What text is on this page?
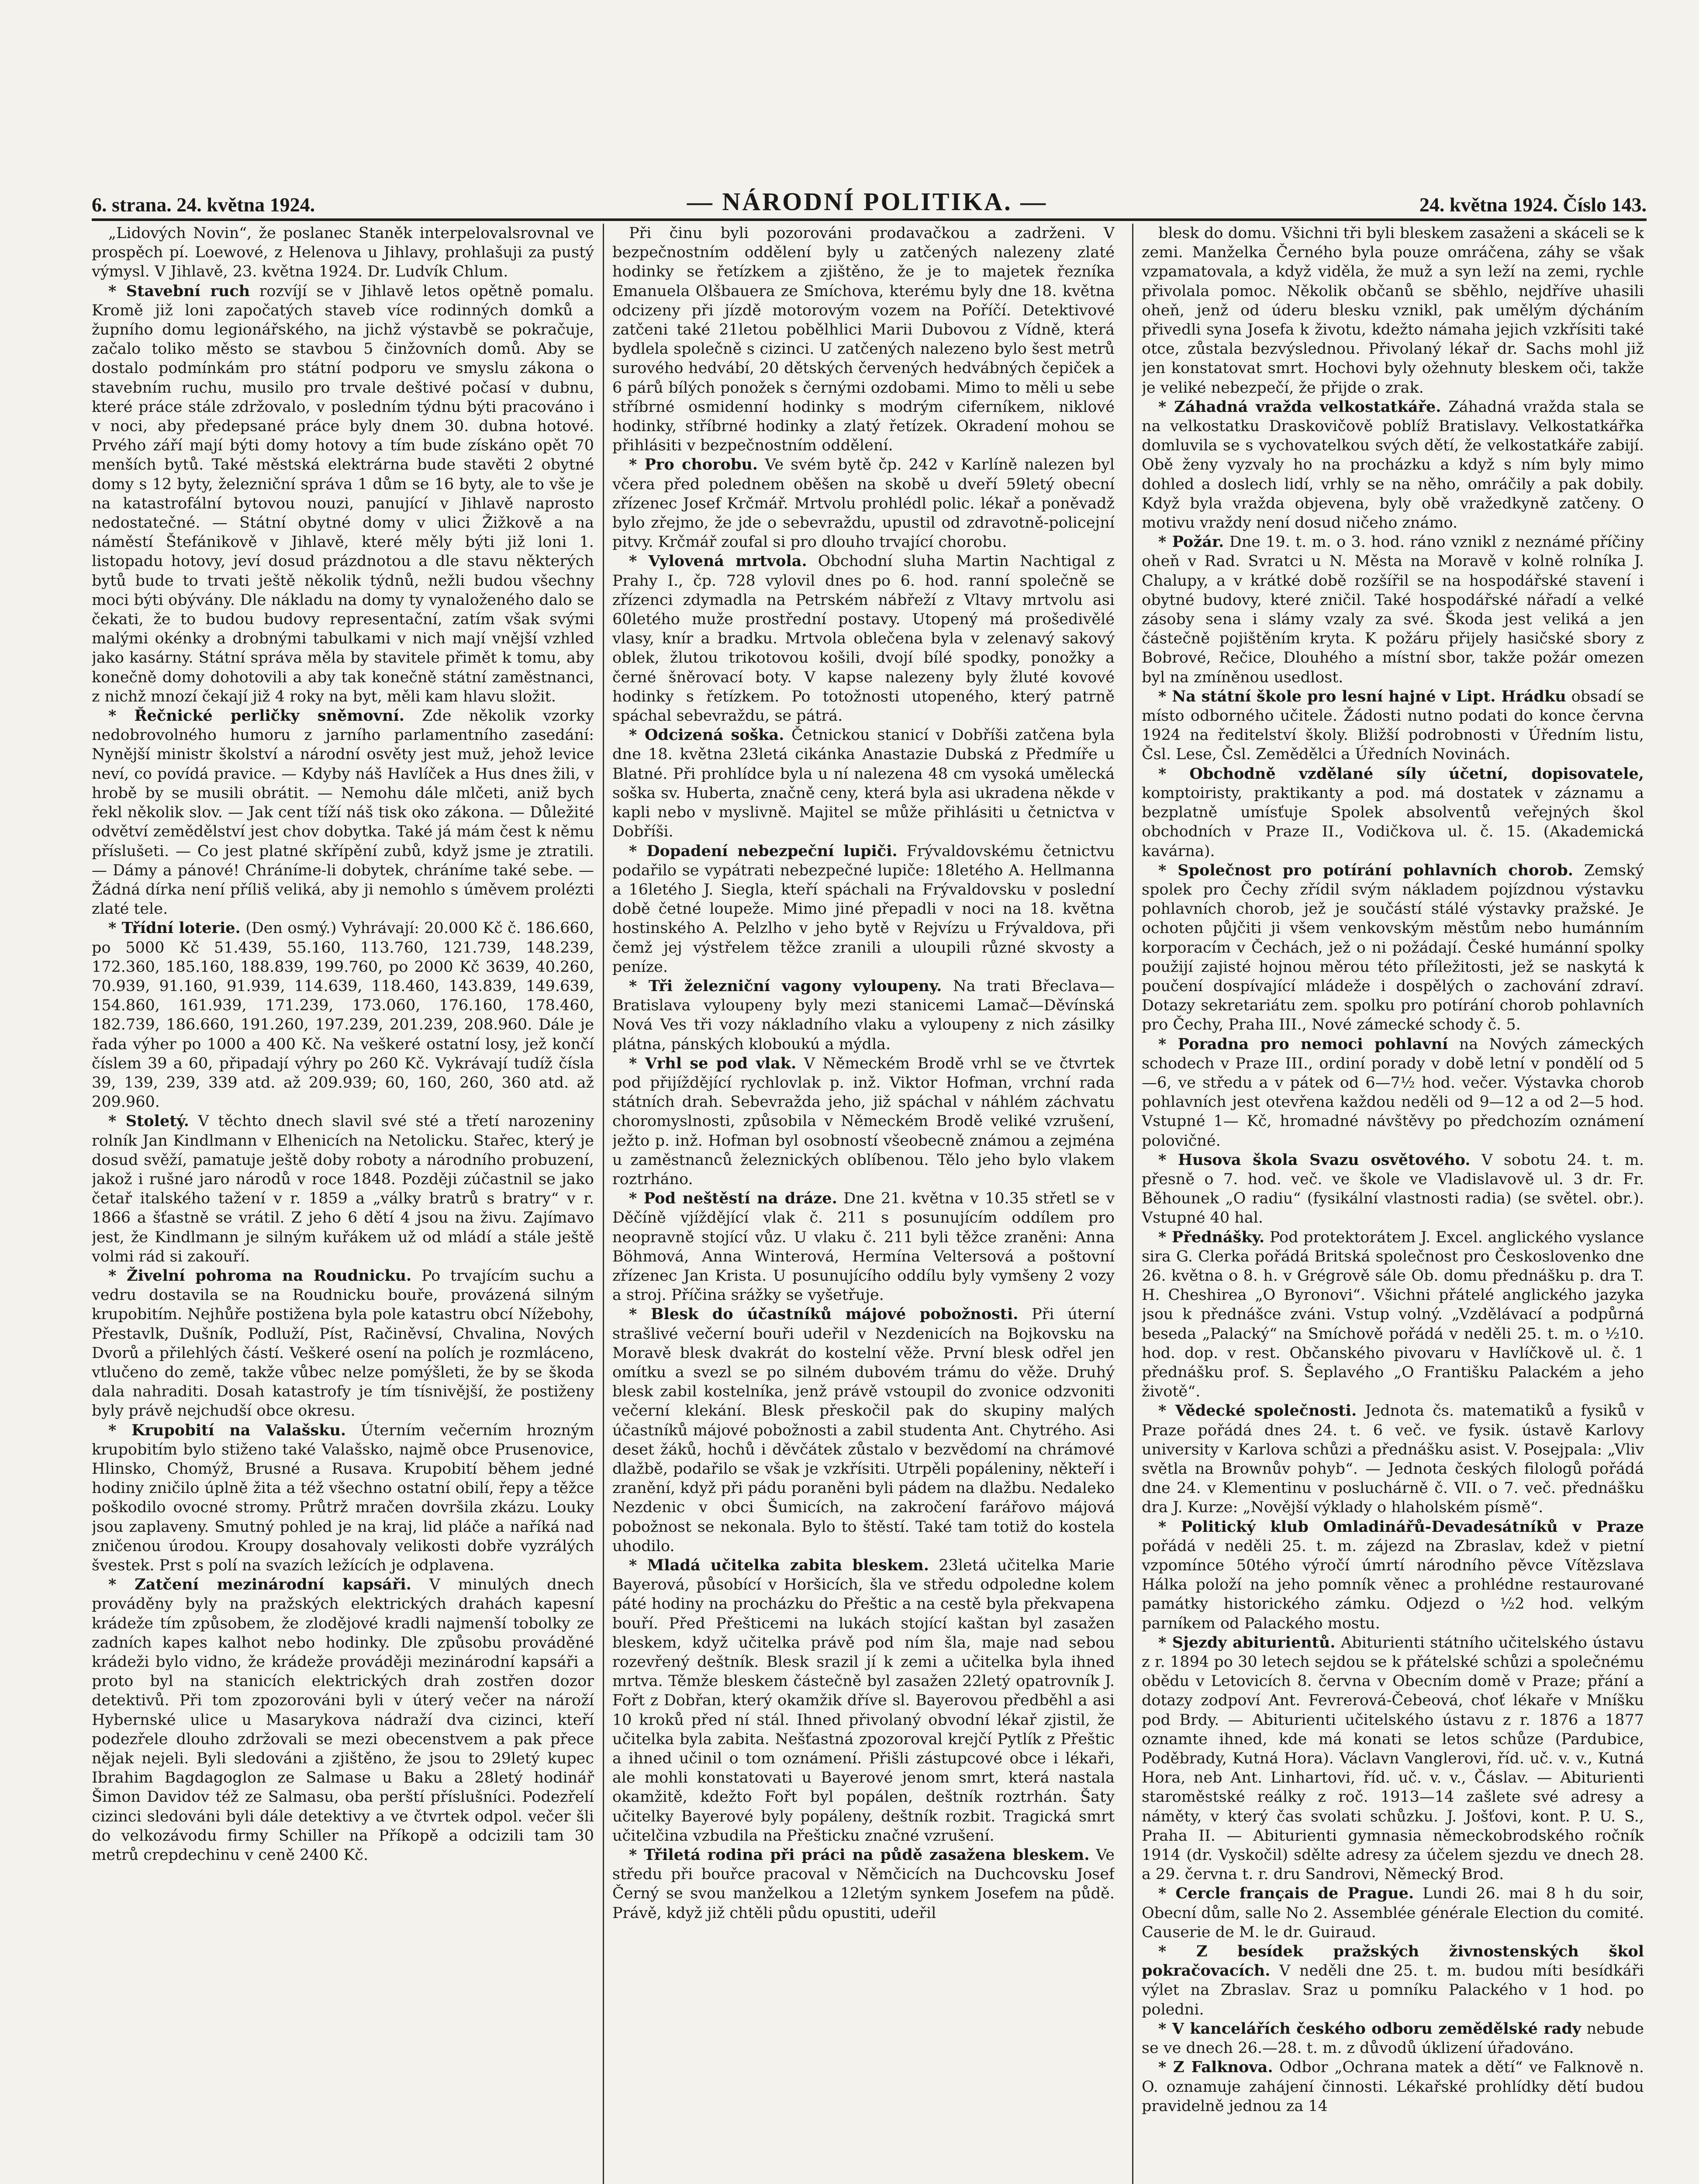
6. strana. 24. května 1924.	— NÁRODNÍ POLITIKA. —	24. května 1924. Číslo 143.

„Lidových Novin“, že poslanec Staněk interpelovalsrovnal ve prospěch pí. Loewové, z Helenova u Jihlavy, prohlašuji za pustý výmysl. V Jihlavě, 23. května 1924. Dr. Ludvík Chlum.

* Stavební ruch rozvíjí se v Jihlavě letos opětně pomalu. Kromě již loni započatých staveb více rodinných domků a župního domu legionářského, na jichž výstavbě se pokračuje, začalo toliko město se stavbou 5 činžovních domů. Aby se dostalo podmínkám pro státní podporu ve smyslu zákona o stavebním ruchu, musilo pro trvale deštivé počasí v dubnu, které práce stále zdržovalo, v posledním týdnu býti pracováno i v noci, aby předepsané práce byly dnem 30. dubna hotové. Prvého září mají býti domy hotovy a tím bude získáno opět 70 menších bytů. Také městská elektrárna bude stavěti 2 obytné domy s 12 byty, železniční správa 1 dům se 16 byty, ale to vše je na katastrofální bytovou nouzi, panující v Jihlavě naprosto nedostatečné. — Státní obytné domy v ulici Žižkově a na náměstí Štefánikově v Jihlavě, které měly býti již loni 1. listopadu hotovy, jeví dosud prázdnotou a dle stavu některých bytů bude to trvati ještě několik týdnů, nežli budou všechny moci býti obývány. Dle nákladu na domy ty vynaloženého dalo se čekati, že to budou budovy representační, zatím však svými malými okénky a drobnými tabulkami v nich mají vnější vzhled jako kasárny. Státní správa měla by stavitele přimět k tomu, aby konečně domy dohotovili a aby tak konečně státní zaměstnanci, z nichž mnozí čekají již 4 roky na byt, měli kam hlavu složit.

* Řečnické perličky sněmovní. Zde několik vzorky nedobrovolného humoru z jarního parlamentního zasedání: Nynější ministr školství a národní osvěty jest muž, jehož levice neví, co povídá pravice. — Kdyby náš Havlíček a Hus dnes žili, v hrobě by se musili obrátit. — Nemohu dále mlčeti, aniž bych řekl několik slov. — Jak cent tíží náš tisk oko zákona. — Důležité odvětví zemědělství jest chov dobytka. Také já mám čest k němu příslušeti. — Co jest platné skřípění zubů, když jsme je ztratili. — Dámy a pánové! Chráníme-li dobytek, chráníme také sebe. — Žádná dírka není příliš veliká, aby ji nemohlo s úměvem prolézti zlaté tele.

* Třídní loterie. (Den osmý.) Vyhrávají: 20.000 Kč č. 186.660, po 5000 Kč 51.439, 55.160, 113.760, 121.739, 148.239, 172.360, 185.160, 188.839, 199.760, po 2000 Kč 3639, 40.260, 70.939, 91.160, 91.939, 114.639, 118.460, 143.839, 149.639, 154.860, 161.939, 171.239, 173.060, 176.160, 178.460, 182.739, 186.660, 191.260, 197.239, 201.239, 208.960. Dále je řada výher po 1000 a 400 Kč. Na veškeré ostatní losy, jež končí číslem 39 a 60, připadají výhry po 260 Kč. Vykrávají tudíž čísla 39, 139, 239, 339 atd. až 209.939; 60, 160, 260, 360 atd. až 209.960.

* Stoletý. V těchto dnech slavil své sté a třetí narozeniny rolník Jan Kindlmann v Elhenicích na Netolicku. Stařec, který je dosud svěží, pamatuje ještě doby roboty a národního probuzení, jakož i rušné jaro národů v roce 1848. Později zúčastnil se jako četař italského tažení v r. 1859 a „války bratrů s bratry“ v r. 1866 a šťastně se vrátil. Z jeho 6 dětí 4 jsou na živu. Zajímavo jest, že Kindlmann je silným kuřákem už od mládí a stále ještě volmi rád si zakouří.

* Živelní pohroma na Roudnicku. Po trvajícím suchu a vedru dostavila se na Roudnicku bouře, provázená silným krupobitím. Nejhůře postižena byla pole katastru obcí Nížebohy, Přestavlk, Dušník, Podluží, Píst, Račiněvsí, Chvalina, Nových Dvorů a přilehlých částí. Veškeré osení na polích je rozmláceno, vtlučeno do země, takže vůbec nelze pomýšleti, že by se škoda dala nahraditi. Dosah katastrofy je tím tísnivější, že postiženy byly právě nejchudší obce okresu.

* Krupobití na Valašsku. Úterním večerním hrozným krupobitím bylo stiženo také Valašsko, najmě obce Prusenovice, Hlinsko, Chomýž, Brusné a Rusava. Krupobití během jedné hodiny zničilo úplně žita a též všechno ostatní obilí, řepy a těžce poškodilo ovocné stromy. Průtrž mračen dovršila zkázu. Louky jsou zaplaveny. Smutný pohled je na kraj, lid pláče a naříká nad zničenou úrodou. Kroupy dosahovaly velikosti dobře vyzrálých švestek. Prst s polí na svazích ležících je odplavena.

* Zatčení mezinárodní kapsáři. V minulých dnech prováděny byly na pražských elektrických drahách kapesní krádeže tím způsobem, že zlodějové kradli najmenší tobolky ze zadních kapes kalhot nebo hodinky. Dle způsobu prováděné krádeži bylo vidno, že krádeže prováději mezinárodní kapsáři a proto byl na stanicích elektrických drah zostřen dozor detektivů. Při tom zpozorováni byli v úterý večer na nároží Hybernské ulice u Masarykova nádraží dva cizinci, kteří podezřele dlouho zdržovali se mezi obecenstvem a pak přece nějak nejeli. Byli sledováni a zjištěno, že jsou to 29letý kupec Ibrahim Bagdagoglon ze Salmase u Baku a 28letý hodinář Šimon Davidov též ze Salmasu, oba perští příslušníci. Podezřelí cizinci sledováni byli dále detektivy a ve čtvrtek odpol. večer šli do velkozávodu firmy Schiller na Příkopě a odcizili tam 30 metrů crepdechinu v ceně 2400 Kč.

Při činu byli pozorováni prodavačkou a zadrženi. V bezpečnostním oddělení byly u zatčených nalezeny zlaté hodinky se řetízkem a zjištěno, že je to majetek řezníka Emanuela Olšbauera ze Smíchova, kterému byly dne 18. května odcizeny při jízdě motorovým vozem na Poříčí. Detektivové zatčeni také 21letou pobělhlici Marii Dubovou z Vídně, která bydlela společně s cizinci. U zatčených nalezeno bylo šest metrů surového hedvábí, 20 dětských červených hedvábných čepiček a 6 párů bílých ponožek s černými ozdobami. Mimo to měli u sebe stříbrné osmidenní hodinky s modrým ciferníkem, niklové hodinky, stříbrné hodinky a zlatý řetízek. Okradení mohou se přihlásiti v bezpečnostním oddělení.

* Pro chorobu. Ve svém bytě čp. 242 v Karlíně nalezen byl včera před polednem oběšen na skobě u dveří 59letý obecní zřízenec Josef Krčmář. Mrtvolu prohlédl polic. lékař a poněvadž bylo zřejmo, že jde o sebevraždu, upustil od zdravotně-policejní pitvy. Krčmář zoufal si pro dlouho trvající chorobu.

* Vylovená mrtvola. Obchodní sluha Martin Nachtigal z Prahy I., čp. 728 vylovil dnes po 6. hod. ranní společně se zřízenci zdymadla na Petrském nábřeží z Vltavy mrtvolu asi 60letého muže prostřední postavy. Utopený má prošedivělé vlasy, knír a bradku. Mrtvola oblečena byla v zelenavý sakový oblek, žlutou trikotovou košili, dvojí bílé spodky, ponožky a černé šněrovací boty. V kapse nalezeny byly žluté kovové hodinky s řetízkem. Po totožnosti utopeného, který patrně spáchal sebevraždu, se pátrá.

* Odcizená soška. Četnickou stanicí v Dobříši zatčena byla dne 18. května 23letá cikánka Anastazie Dubská z Předmíře u Blatné. Při prohlídce byla u ní nalezena 48 cm vysoká umělecká soška sv. Huberta, značně ceny, která byla asi ukradena někde v kapli nebo v myslivně. Majitel se může přihlásiti u četnictva v Dobříši.

* Dopadení nebezpeční lupiči. Frývaldovskému četnictvu podařilo se vypátrati nebezpečné lupiče: 18letého A. Hellmanna a 16letého J. Siegla, kteří spáchali na Frývaldovsku v poslední době četné loupeže. Mimo jiné přepadli v noci na 18. května hostinského A. Pelzlho v jeho bytě v Rejvízu u Frývaldova, při čemž jej výstřelem těžce zranili a uloupili různé skvosty a peníze.

* Tři železniční vagony vyloupeny. Na trati Břeclava—Bratislava vyloupeny byly mezi stanicemi Lamač—Děvínská Nová Ves tři vozy nákladního vlaku a vyloupeny z nich zásilky plátna, pánských kloboukú a mýdla.

* Vrhl se pod vlak. V Německém Brodě vrhl se ve čtvrtek pod přijíždějící rychlovlak p. inž. Viktor Hofman, vrchní rada státních drah. Sebevražda jeho, již spáchal v náhlém záchvatu choromyslnosti, způsobila v Německém Brodě veliké vzrušení, ježto p. inž. Hofman byl osobností všeobecně známou a zejména u zaměstnanců železnických oblíbenou. Tělo jeho bylo vlakem roztrháno.

* Pod neštěstí na dráze. Dne 21. května v 10.35 střetl se v Děčíně vjíždějící vlak č. 211 s posunujícím oddílem pro neopravně stojící vůz. U vlaku č. 211 byli těžce zraněni: Anna Böhmová, Anna Winterová, Hermína Veltersová a poštovní zřízenec Jan Krista. U posunujícího oddílu byly vymšeny 2 vozy a stroj. Příčina srážky se vyšetřuje.

* Blesk do účastníků májové pobožnosti. Při úterní strašlivé večerní bouři udeřil v Nezdenicích na Bojkovsku na Moravě blesk dvakrát do kostelní věže. První blesk odřel jen omítku a svezl se po silném dubovém trámu do věže. Druhý blesk zabil kostelníka, jenž právě vstoupil do zvonice odzvoniti večerní klekání. Blesk přeskočil pak do skupiny malých účastníků májové pobožnosti a zabil studenta Ant. Chytrého. Asi deset žáků, hochů i děvčátek zůstalo v bezvědomí na chrámové dlažbě, podařilo se však je vzkřísiti. Utrpěli popáleniny, někteří i zranění, když při pádu poraněni byli pádem na dlažbu. Nedaleko Nezdenic v obci Šumicích, na zakročení farářovo májová pobožnost se nekonala. Bylo to štěstí. Také tam totiž do kostela uhodilo.

* Mladá učitelka zabita bleskem. 23letá učitelka Marie Bayerová, působící v Horšicích, šla ve středu odpoledne kolem páté hodiny na procházku do Přeštic a na cestě byla překvapena bouří. Před Přešticemi na lukách stojící kaštan byl zasažen bleskem, když učitelka právě pod ním šla, maje nad sebou rozevřený deštník. Blesk srazil jí k zemi a učitelka byla ihned mrtva. Těmže bleskem částečně byl zasažen 22letý opatrovník J. Fořt z Dobřan, který okamžik dříve sl. Bayerovou předběhl a asi 10 kroků před ní stál. Ihned přivolaný obvodní lékař zjistil, že učitelka byla zabita. Nešťastná zpozoroval krejčí Pytlík z Přeštic a ihned učinil o tom oznámení. Přišli zástupcové obce i lékaři, ale mohli konstatovati u Bayerové jenom smrt, která nastala okamžitě, kdežto Fořt byl popálen, deštník roztrhán. Šaty učitelky Bayerové byly popáleny, deštník rozbit. Tragická smrt učitelčina vzbudila na Přešticku značné vzrušení.

* Třiletá rodina při práci na půdě zasažena bleskem. Ve středu při bouřce pracoval v Němčicích na Duchcovsku Josef Černý se svou manželkou a 12letým synkem Josefem na půdě. Právě, když již chtěli půdu opustiti, udeřil

blesk do domu. Všichni tři byli bleskem zasaženi a skáceli se k zemi. Manželka Černého byla pouze omráčena, záhy se však vzpamatovala, a když viděla, že muž a syn leží na zemi, rychle přivolala pomoc. Několik občanů se sběhlo, nejdříve uhasili oheň, jenž od úderu blesku vznikl, pak umělým dýcháním přivedli syna Josefa k životu, kdežto námaha jejich vzkřísiti také otce, zůstala bezvýslednou. Přivolaný lékař dr. Sachs mohl již jen konstatovat smrt. Hochovi byly ožehnuty bleskem oči, takže je veliké nebezpečí, že přijde o zrak.

* Záhadná vražda velkostatkáře. Záhadná vražda stala se na velkostatku Draskovičově poblíž Bratislavy. Velkostatkářka domluvila se s vychovatelkou svých dětí, že velkostatkáře zabijí. Obě ženy vyzvaly ho na procházku a když s ním byly mimo dohled a doslech lidí, vrhly se na něho, omráčily a pak dobily. Když byla vražda objevena, byly obě vražedkyně zatčeny. O motivu vraždy není dosud ničeho známo.

* Požár. Dne 19. t. m. o 3. hod. ráno vznikl z neznámé příčiny oheň v Rad. Svratci u N. Města na Moravě v kolně rolníka J. Chalupy, a v krátké době rozšířil se na hospodářské stavení i obytné budovy, které zničil. Také hospodářské nářadí a velké zásoby sena i slámy vzaly za své. Škoda jest veliká a jen částečně pojištěním kryta. K požáru přijely hasičské sbory z Bobrové, Rečice, Dlouhého a místní sbor, takže požár omezen byl na zmíněnou usedlost.

* Na státní škole pro lesní hajné v Lipt. Hrádku obsadí se místo odborného učitele. Žádosti nutno podati do konce června 1924 na ředitelství školy. Bližší podrobnosti v Úředním listu, Čsl. Lese, Čsl. Zemědělci a Úředních Novinách.

* Obchodně vzdělané síly účetní, dopisovatele, komptoiristy, praktikanty a pod. má dostatek v záznamu a bezplatně umísťuje Spolek absolventů veřejných škol obchodních v Praze II., Vodičkova ul. č. 15. (Akademická kavárna).

* Společnost pro potírání pohlavních chorob. Zemský spolek pro Čechy zřídil svým nákladem pojízdnou výstavku pohlavních chorob, jež je součástí stálé výstavky pražské. Je ochoten půjčiti ji všem venkovským městům nebo humánním korporacím v Čechách, jež o ni požádají. České humánní spolky použijí zajisté hojnou měrou této příležitosti, jež se naskytá k poučení dospívající mládeže i dospělých o zachování zdraví. Dotazy sekretariátu zem. spolku pro potírání chorob pohlavních pro Čechy, Praha III., Nové zámecké schody č. 5.

* Poradna pro nemoci pohlavní na Nových zámeckých schodech v Praze III., ordiní porady v době letní v pondělí od 5—6, ve středu a v pátek od 6—7½ hod. večer. Výstavka chorob pohlavních jest otevřena každou neděli od 9—12 a od 2—5 hod. Vstupné 1— Kč, hromadné návštěvy po předchozím oznámení polovičné.

* Husova škola Svazu osvětového. V sobotu 24. t. m. přesně o 7. hod. več. ve škole ve Vladislavově ul. 3 dr. Fr. Běhounek „O radiu“ (fysikální vlastnosti radia) (se světel. obr.). Vstupné 40 hal.

* Přednášky. Pod protektorátem J. Excel. anglického vyslance sira G. Clerka pořádá Britská společnost pro Českoslovenko dne 26. května o 8. h. v Grégrově sále Ob. domu přednášku p. dra T. H. Cheshirea „O Byronovi“. Všichni přátelé anglického jazyka jsou k přednášce zváni. Vstup volný. „Vzdělávací a podpůrná beseda „Palacký“ na Smíchově pořádá v neděli 25. t. m. o ½10. hod. dop. v rest. Občanského pivovaru v Havlíčkově ul. č. 1 přednášku prof. S. Šeplavého „O Františku Palackém a jeho životě“.

* Vědecké společnosti. Jednota čs. matematiků a fysiků v Praze pořádá dnes 24. t. 6 več. ve fysik. ústavě Karlovy university v Karlova schůzi a přednášku asist. V. Posejpala: „Vliv světla na Brownův pohyb“. — Jednota českých filologů pořádá dne 24. v Klementinu v posluchárně č. VII. o 7. več. přednášku dra J. Kurze: „Novější výklady o hlaholském písmě“.

* Politický klub Omladinářů-Devadesátníků v Praze pořádá v neděli 25. t. m. zájezd na Zbraslav, kdež v pietní vzpomínce 50tého výročí úmrtí národního pěvce Vítězslava Hálka položí na jeho pomník věnec a prohlédne restaurované památky historického zámku. Odjezd o ½2 hod. velkým parníkem od Palackého mostu.

* Sjezdy abiturientů. Abiturienti státního učitelského ústavu z r. 1894 po 30 letech sejdou se k přátelské schůzi a společnému obědu v Letovicích 8. června v Obecním domě v Praze; přání a dotazy zodpoví Ant. Fevrerová-Čebeová, choť lékaře v Mníšku pod Brdy. — Abiturienti učitelského ústavu z r. 1876 a 1877 oznamte ihned, kde má konati se letos schůze (Pardubice, Poděbrady, Kutná Hora). Václavn Vanglerovi, říd. uč. v. v., Kutná Hora, neb Ant. Linhartovi, říd. uč. v. v., Čáslav. — Abiturienti staroměstské reálky z roč. 1913—14 zašlete své adresy a náměty, v který čas svolati schůzku. J. Jošťovi, kont. P. U. S., Praha II. — Abiturienti gymnasia německobrodského ročník 1914 (dr. Vyskočil) sdělte adresy za účelem sjezdu ve dnech 28. a 29. června t. r. dru Sandrovi, Německý Brod.

* Cercle français de Prague. Lundi 26. mai 8 h du soir, Obecní dům, salle No 2. Assemblée générale Election du comité. Causerie de M. le dr. Guiraud.

* Z besídek pražských živnostenských škol pokračovacích. V neděli dne 25. t. m. budou míti besídkáři výlet na Zbraslav. Sraz u pomníku Palackého v 1 hod. po poledni.

* V kancelářích českého odboru zemědělské rady nebude se ve dnech 26.—28. t. m. z důvodů úklizení úřadováno.

* Z Falknova. Odbor „Ochrana matek a dětí“ ve Falknově n. O. oznamuje zahájení činnosti. Lékařské prohlídky dětí budou pravidelně jednou za 14
